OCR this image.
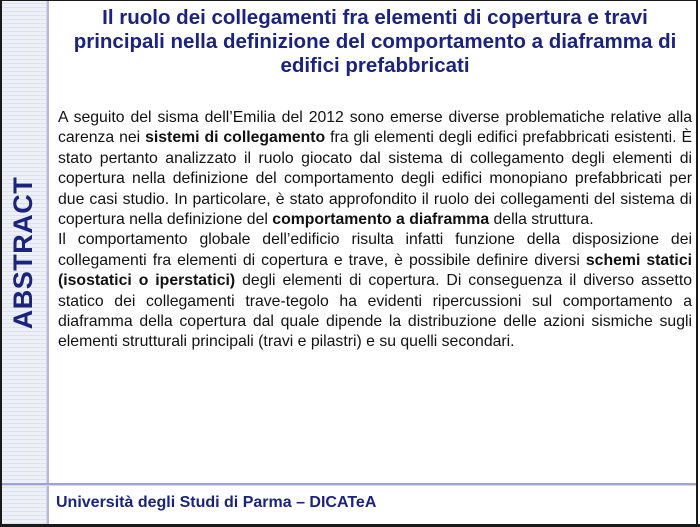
ABSTRACT
Il ruolo dei collegamenti fra elementi di copertura e travi principali nella definizione del comportamento a diaframma di edifici prefabbricati
A seguito del sisma dell’Emilia del 2012 sono emerse diverse problematiche relative alla carenza nei sistemi di collegamento fra gli elementi degli edifici prefabbricati esistenti. È stato pertanto analizzato il ruolo giocato dal sistema di collegamento degli elementi di copertura nella definizione del comportamento degli edifici monopiano prefabbricati per due casi studio. In particolare, è stato approfondito il ruolo dei collegamenti del sistema di copertura nella definizione del comportamento a diaframma della struttura.
Il comportamento globale dell’edificio risulta infatti funzione della disposizione dei collegamenti fra elementi di copertura e trave, è possibile definire diversi schemi statici (isostatici o iperstatici) degli elementi di copertura. Di conseguenza il diverso assetto statico dei collegamenti trave-tegolo ha evidenti ripercussioni sul comportamento a diaframma della copertura dal quale dipende la distribuzione delle azioni sismiche sugli elementi strutturali principali (travi e pilastri) e su quelli secondari.
Università degli Studi di Parma – DICATeA
